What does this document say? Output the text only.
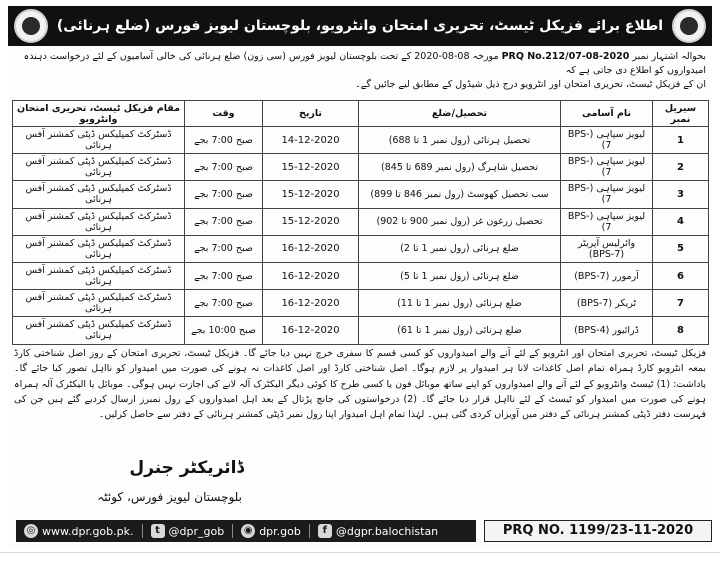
اطلاع برائے فزیکل ٹیسٹ، تحریری امتحان وانٹرویو، بلوچستان لیویز فورس (ضلع ہرنائی)
بحوالہ اشتہار نمبر PRQ No.212/07-08-2020 مورخہ 08-08-2020 کے تحت بلوچستان لیویز فورس (سی زون) ضلع ہرنائی کی خالی آسامیوں کے لئے درخواست دہندہ امیدواروں کو اطلاع دی جاتی ہے کہ
ان کے فزیکل ٹیسٹ، تحریری امتحان اور انٹرویو درج ذیل شیڈول کے مطابق لیے جائیں گے۔
مقام فزیکل ٹیسٹ، تحریری امتحان وانٹرویو	وقت	تاریخ	تحصیل/ضلع	نام آسامی	سیریل نمبر
ڈسٹرکٹ کمپلیکس ڈپٹی کمشنر آفس ہرنائی	صبح 7:00 بجے	14-12-2020	تحصیل ہرنائی (رول نمبر 1 تا 688)	لیویز سپاہی (BPS-7)	1
ڈسٹرکٹ کمپلیکس ڈپٹی کمشنر آفس ہرنائی	صبح 7:00 بجے	15-12-2020	تحصیل شاہرگ (رول نمبر 689 تا 845)	لیویز سپاہی (BPS-7)	2
ڈسٹرکٹ کمپلیکس ڈپٹی کمشنر آفس ہرنائی	صبح 7:00 بجے	15-12-2020	سب تحصیل کھوسٹ (رول نمبر 846 تا 899)	لیویز سپاہی (BPS-7)	3
ڈسٹرکٹ کمپلیکس ڈپٹی کمشنر آفس ہرنائی	صبح 7:00 بجے	15-12-2020	تحصیل زرغون غر (رول نمبر 900 تا 902)	لیویز سپاہی (BPS-7)	4
ڈسٹرکٹ کمپلیکس ڈپٹی کمشنر آفس ہرنائی	صبح 7:00 بجے	16-12-2020	ضلع ہرنائی (رول نمبر 1 تا 2)	وائرلیس آپریٹر (BPS-7)	5
ڈسٹرکٹ کمپلیکس ڈپٹی کمشنر آفس ہرنائی	صبح 7:00 بجے	16-12-2020	ضلع ہرنائی (رول نمبر 1 تا 5)	آرمورر (BPS-7)	6
ڈسٹرکٹ کمپلیکس ڈپٹی کمشنر آفس ہرنائی	صبح 7:00 بجے	16-12-2020	ضلع ہرنائی (رول نمبر 1 تا 11)	ٹریکر (BPS-7)	7
ڈسٹرکٹ کمپلیکس ڈپٹی کمشنر آفس ہرنائی	صبح 10:00 بجے	16-12-2020	ضلع ہرنائی (رول نمبر 1 تا 61)	ڈرائیور (BPS-4)	8
فزیکل ٹیسٹ، تحریری امتحان اور انٹرویو کے لئے آنے والے امیدواروں کو کسی قسم کا سفری خرچ نہیں دیا جائے گا۔ فزیکل ٹیسٹ، تحریری امتحان کے روز اصل شناختی کارڈ بمعہ انٹرویو کارڈ ہمراہ تمام اصل کاغذات لانا ہر امیدوار پر لازم ہوگا۔ اصل شناختی کارڈ اور اصل کاغذات نہ ہونے کی صورت میں امیدوار کو نااہل تصور کیا جائے گا۔ یاداشت: (1) ٹیسٹ وانٹرویو کے لئے آنے والے امیدواروں کو اپنے ساتھ موبائل فون یا کسی طرح کا کوئی دیگر الیکٹرک آلہ لانے کی اجازت نہیں ہوگی۔ موبائل یا الیکٹرک آلہ ہمراہ ہونے کی صورت میں امیدوار کو ٹیسٹ کے لئے نااہل قرار دیا جائے گا۔ (2) درخواستوں کی جانچ پڑتال کے بعد اہل امیدواروں کے رول نمبرز ارسال کردیے گئے ہیں جن کی فہرست دفتر ڈپٹی کمشنر ہرنائی کے دفتر میں آویزاں کردی گئی ہیں۔ لہٰذا تمام اہل امیدوار اپنا رول نمبر ڈپٹی کمشنر ہرنائی کے دفتر سے حاصل کرلیں۔
ڈائریکٹر جنرل
بلوچستان لیویز فورس، کوئٹہ
◎ www.dpr.gob.pk.	t @dpr_gob ◉ dpr.gob	f @dgpr.balochistan	PRQ NO. 1199/23-11-2020
